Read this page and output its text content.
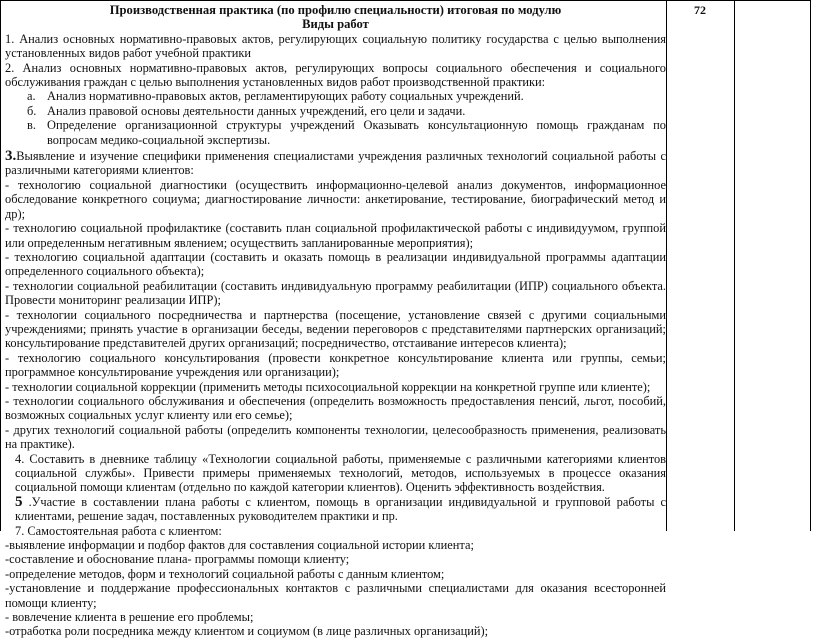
72
Производственная практика (по профилю специальности) итоговая по модулю
Виды работ

1. Анализ основных нормативно-правовых актов, регулирующих социальную политику государства с целью выполнения установленных видов работ учебной практики

2. Анализ основных нормативно-правовых актов, регулирующих вопросы социального обеспечения и социального обслуживания граждан с целью выполнения установленных видов работ производственной практики:

a. Анализ нормативно-правовых актов, регламентирующих работу социальных учреждений.
б. Анализ правовой основы деятельности данных учреждений, его цели и задачи.
в. Определение организационной структуры учреждений Оказывать консультационную помощь гражданам по вопросам медико-социальной экспертизы.

3.Выявление и изучение специфики применения специалистами учреждения различных технологий социальной работы с различными категориями клиентов:

- технологию социальной диагностики (осуществить информационно-целевой анализ документов, информационное обследование конкретного социума; диагностирование личности: анкетирование, тестирование, биографический метод и др);

- технологию социальной профилактике (составить план социальной профилактической работы с индивидуумом, группой или определенным негативным явлением; осуществить запланированные мероприятия);

- технологию социальной адаптации (составить и оказать помощь в реализации индивидуальной программы адаптации определенного социального объекта);

- технологии социальной реабилитации (составить индивидуальную программу реабилитации (ИПР) социального объекта. Провести мониторинг реализации ИПР);

- технологии социального посредничества и партнерства (посещение, установление связей с другими социальными учреждениями; принять участие в организации беседы, ведении переговоров с представителями партнерских организаций; консультирование представителей других организаций; посредничество, отстаивание интересов клиента);

- технологию социального консультирования (провести конкретное консультирование клиента или группы, семьи; программное консультирование учреждения или организации);

- технологии социальной коррекции (применить методы психосоциальной коррекции на конкретной группе или клиенте);

- технологии социального обслуживания и обеспечения (определить возможность предоставления пенсий, льгот, пособий, возможных социальных услуг клиенту или его семье);

- других технологий социальной работы (определить компоненты технологии, целесообразность применения, реализовать на практике).

4. Составить в дневнике таблицу «Технологии социальной работы, применяемые с различными категориями клиентов социальной службы». Привести примеры применяемых технологий, методов, используемых в процессе оказания социальной помощи клиентам (отдельно по каждой категории клиентов). Оценить эффективность воздействия.

5 .Участие в составлении плана работы с клиентом, помощь в организации индивидуальной и групповой работы с клиентами, решение задач, поставленных руководителем практики и пр.

7. Самостоятельная работа с клиентом:

-выявление информации и подбор фактов для составления социальной истории клиента;

-составление и обоснование плана- программы помощи клиенту;

-определение методов, форм и технологий социальной работы с данным клиентом;

-установление и поддержание профессиональных контактов с различными специалистами для оказания всесторонней помощи клиенту;

- вовлечение клиента в решение его проблемы;

-отработка роли посредника между клиентом и социумом (в лице различных организаций);
